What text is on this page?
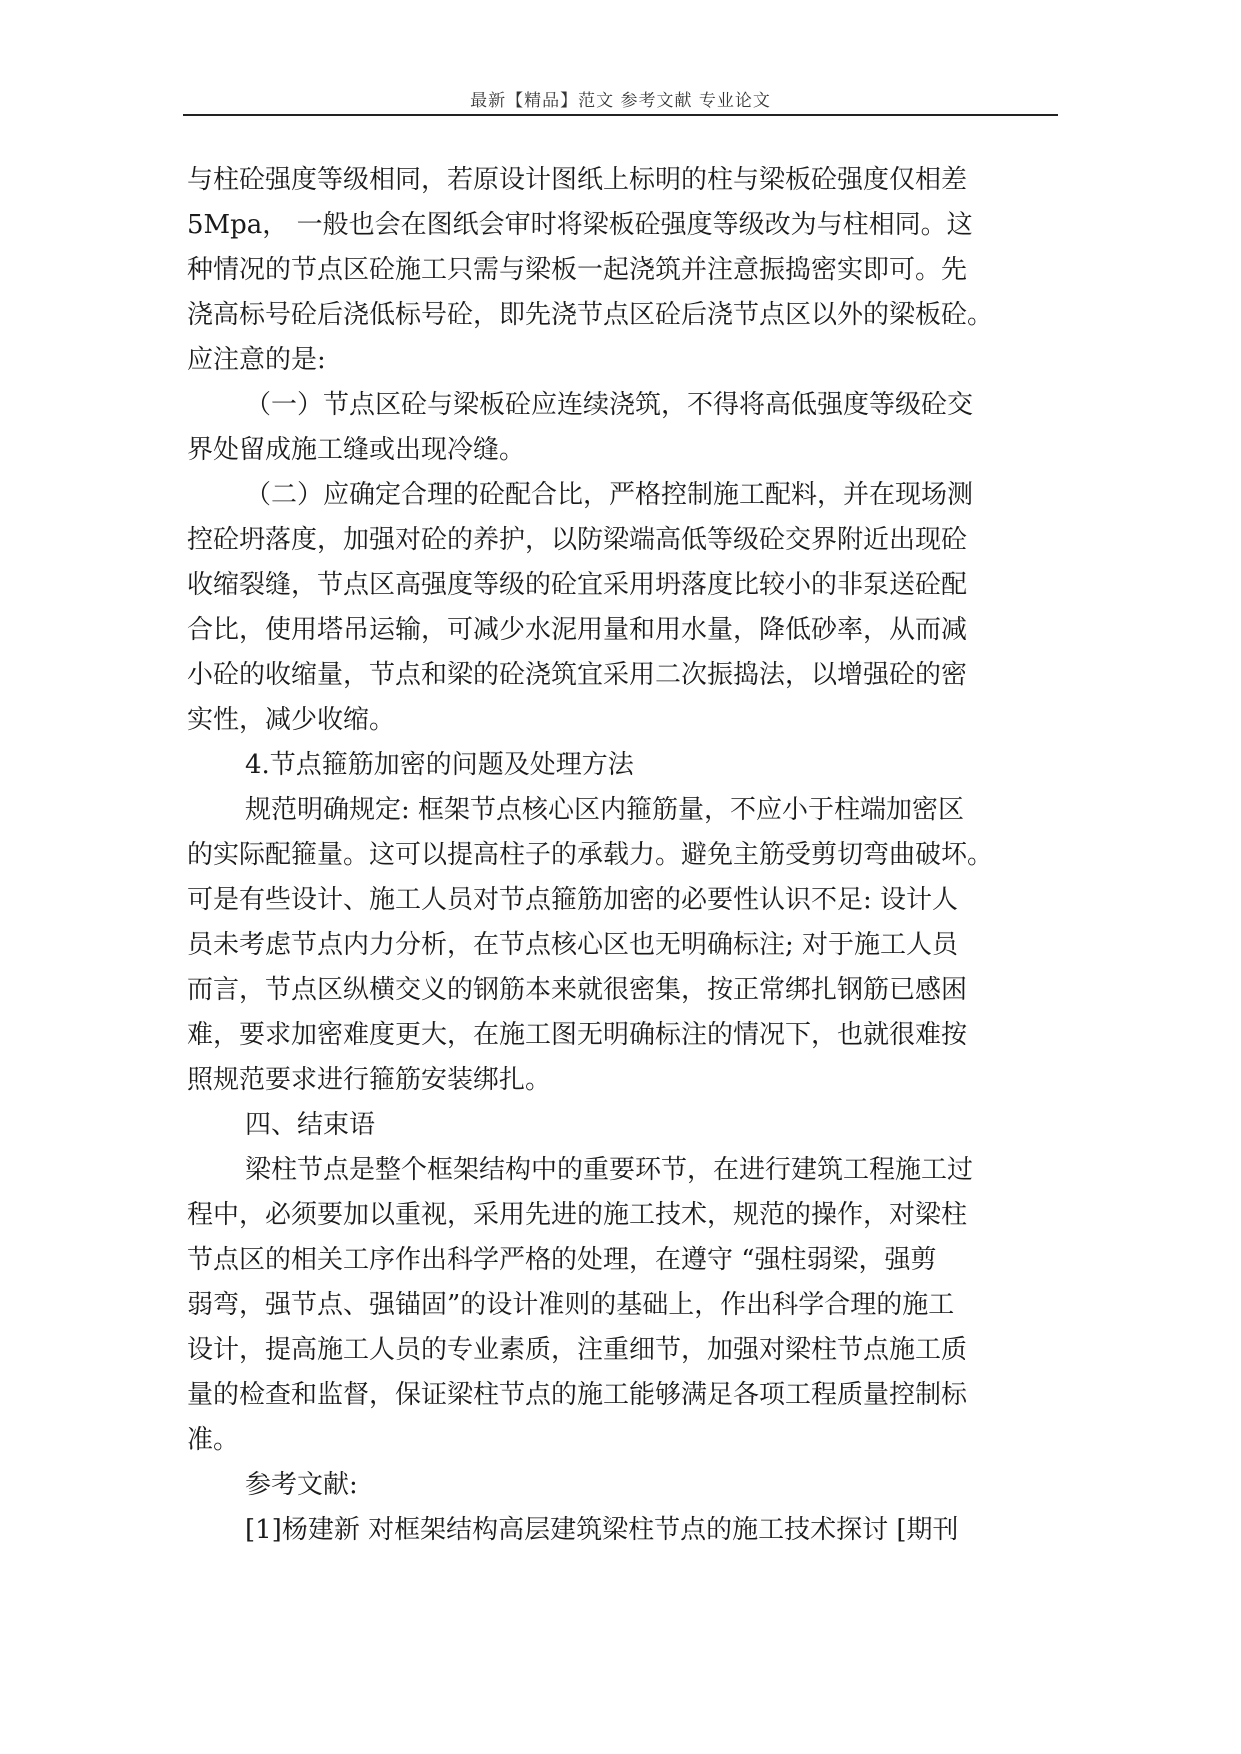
最新【精品】范文 参考文献 专业论文
与柱砼强度等级相同，若原设计图纸上标明的柱与梁板砼强度仅相差
5Mpa， 一般也会在图纸会审时将梁板砼强度等级改为与柱相同。这
种情况的节点区砼施工只需与梁板一起浇筑并注意振捣密实即可。先
浇高标号砼后浇低标号砼，即先浇节点区砼后浇节点区以外的梁板砼。
应注意的是:
（一）节点区砼与梁板砼应连续浇筑，不得将高低强度等级砼交
界处留成施工缝或出现冷缝。
（二）应确定合理的砼配合比，严格控制施工配料，并在现场测
控砼坍落度，加强对砼的养护，以防梁端高低等级砼交界附近出现砼
收缩裂缝，节点区高强度等级的砼宜采用坍落度比较小的非泵送砼配
合比，使用塔吊运输，可减少水泥用量和用水量，降低砂率，从而减
小砼的收缩量，节点和梁的砼浇筑宜采用二次振捣法，以增强砼的密
实性，减少收缩。
4.节点箍筋加密的问题及处理方法
规范明确规定: 框架节点核心区内箍筋量，不应小于柱端加密区
的实际配箍量。这可以提高柱子的承载力。避免主筋受剪切弯曲破坏。
可是有些设计、施工人员对节点箍筋加密的必要性认识不足: 设计人
员未考虑节点内力分析，在节点核心区也无明确标注; 对于施工人员
而言，节点区纵横交义的钢筋本来就很密集，按正常绑扎钢筋已感困
难，要求加密难度更大，在施工图无明确标注的情况下，也就很难按
照规范要求进行箍筋安装绑扎。
四、结束语
梁柱节点是整个框架结构中的重要环节，在进行建筑工程施工过
程中，必须要加以重视，采用先进的施工技术，规范的操作，对梁柱
节点区的相关工序作出科学严格的处理，在遵守 “强柱弱梁，强剪
弱弯，强节点、强锚固”的设计准则的基础上，作出科学合理的施工
设计，提高施工人员的专业素质，注重细节，加强对梁柱节点施工质
量的检查和监督，保证梁柱节点的施工能够满足各项工程质量控制标
准。
参考文献:
[1]杨建新 对框架结构高层建筑梁柱节点的施工技术探讨 [期刊
